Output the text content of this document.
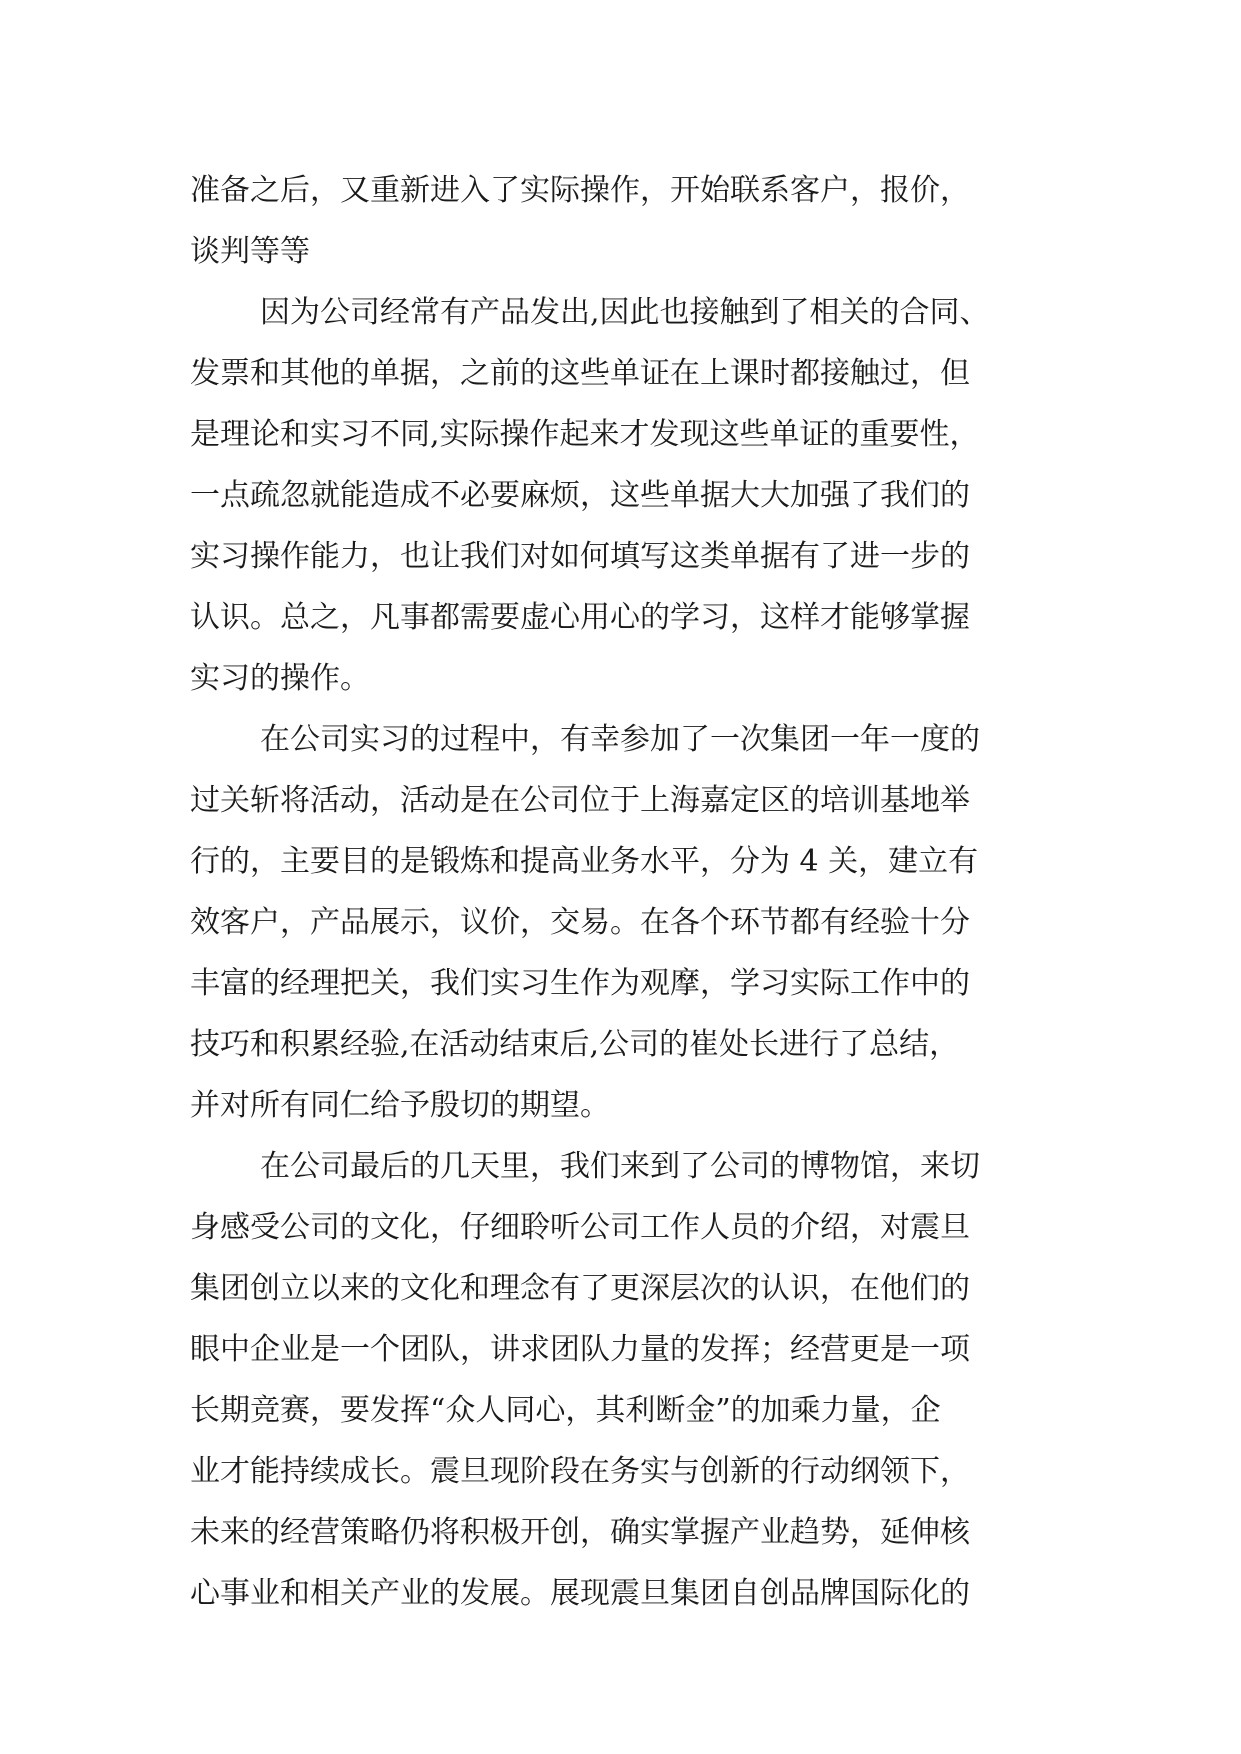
准备之后，又重新进入了实际操作，开始联系客户，报价，
谈判等等
因为公司经常有产品发出,因此也接触到了相关的合同、
发票和其他的单据，之前的这些单证在上课时都接触过，但
是理论和实习不同,实际操作起来才发现这些单证的重要性，
一点疏忽就能造成不必要麻烦，这些单据大大加强了我们的
实习操作能力，也让我们对如何填写这类单据有了进一步的
认识。总之，凡事都需要虚心用心的学习，这样才能够掌握
实习的操作。
在公司实习的过程中，有幸参加了一次集团一年一度的
过关斩将活动，活动是在公司位于上海嘉定区的培训基地举
行的，主要目的是锻炼和提高业务水平，分为 4 关，建立有
效客户，产品展示，议价，交易。在各个环节都有经验十分
丰富的经理把关，我们实习生作为观摩，学习实际工作中的
技巧和积累经验,在活动结束后,公司的崔处长进行了总结，
并对所有同仁给予殷切的期望。
在公司最后的几天里，我们来到了公司的博物馆，来切
身感受公司的文化，仔细聆听公司工作人员的介绍，对震旦
集团创立以来的文化和理念有了更深层次的认识，在他们的
眼中企业是一个团队，讲求团队力量的发挥；经营更是一项
长期竞赛，要发挥“众人同心，其利断金”的加乘力量，企
业才能持续成长。震旦现阶段在务实与创新的行动纲领下，
未来的经营策略仍将积极开创，确实掌握产业趋势，延伸核
心事业和相关产业的发展。展现震旦集团自创品牌国际化的
